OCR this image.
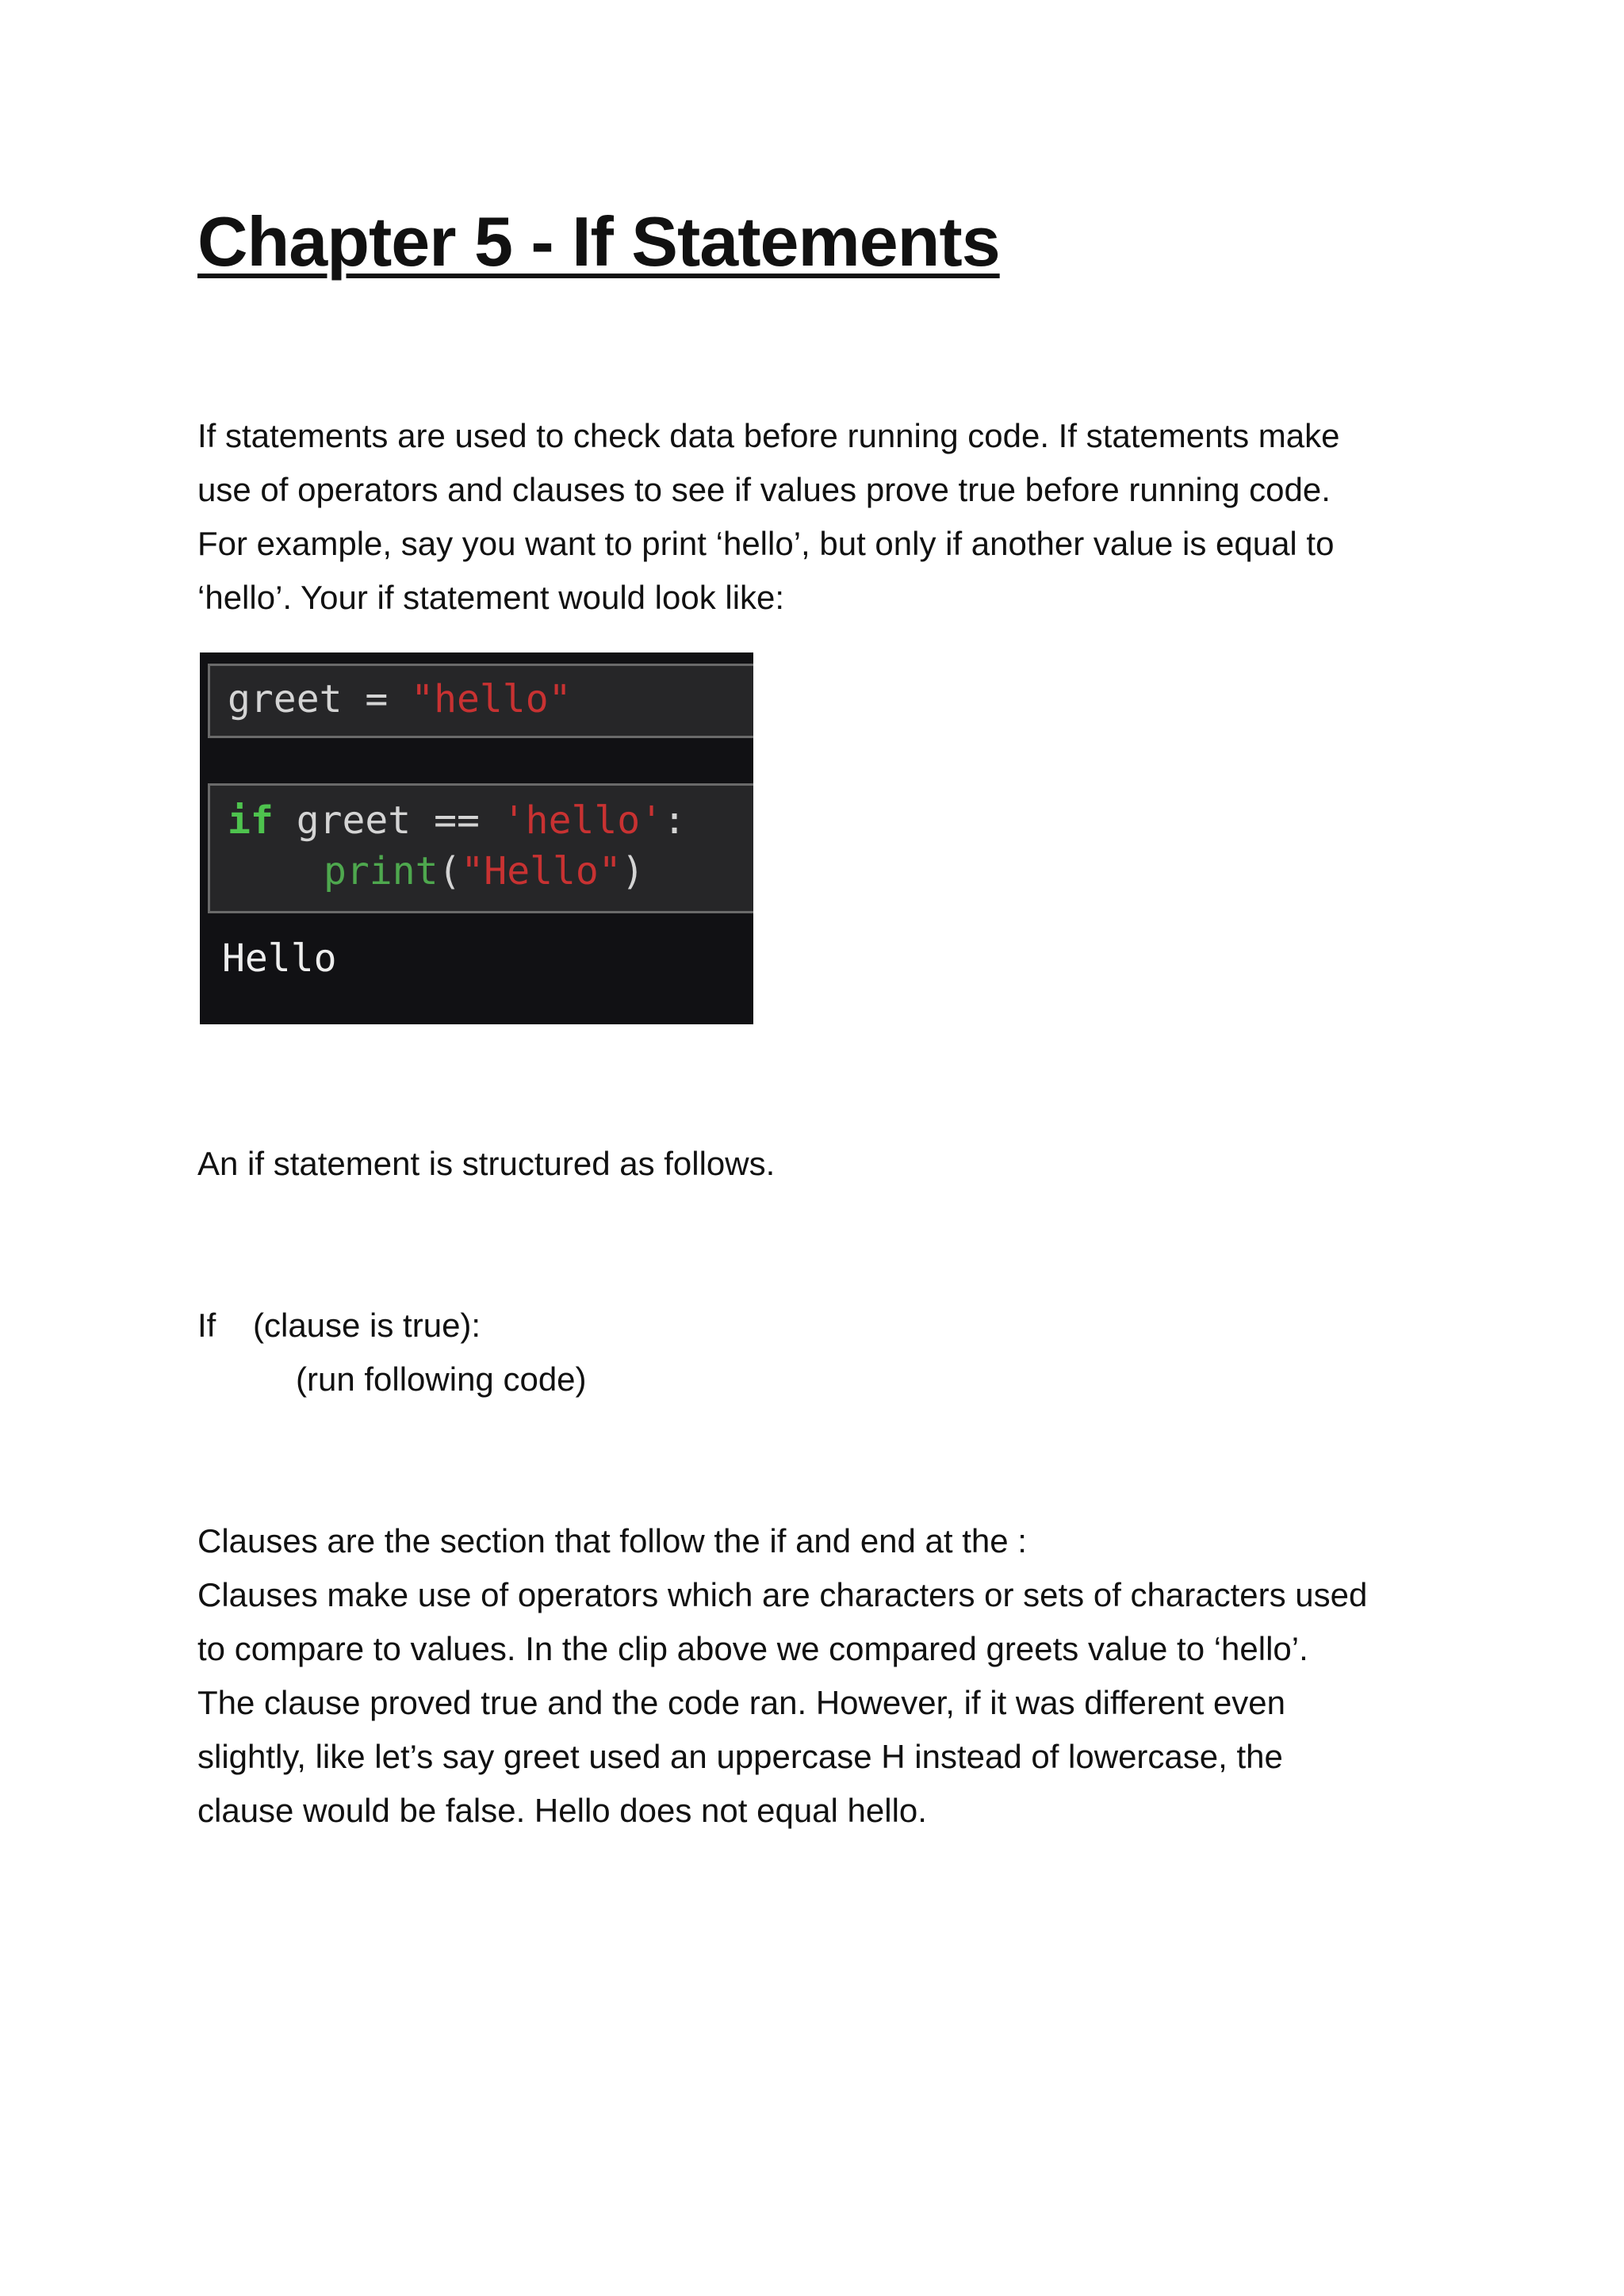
Chapter 5 - If Statements

If statements are used to check data before running code. If statements make
use of operators and clauses to see if values prove true before running code.
For example, say you want to print ‘hello’, but only if another value is equal to
‘hello’. Your if statement would look like:

greet = "hello"
if greet == 'hello':
print("Hello")
Hello

An if statement is structured as follows.

If (clause is true):
(run following code)

Clauses are the section that follow the if and end at the :
Clauses make use of operators which are characters or sets of characters used
to compare to values. In the clip above we compared greets value to ‘hello’.
The clause proved true and the code ran. However, if it was different even
slightly, like let’s say greet used an uppercase H instead of lowercase, the
clause would be false. Hello does not equal hello.
